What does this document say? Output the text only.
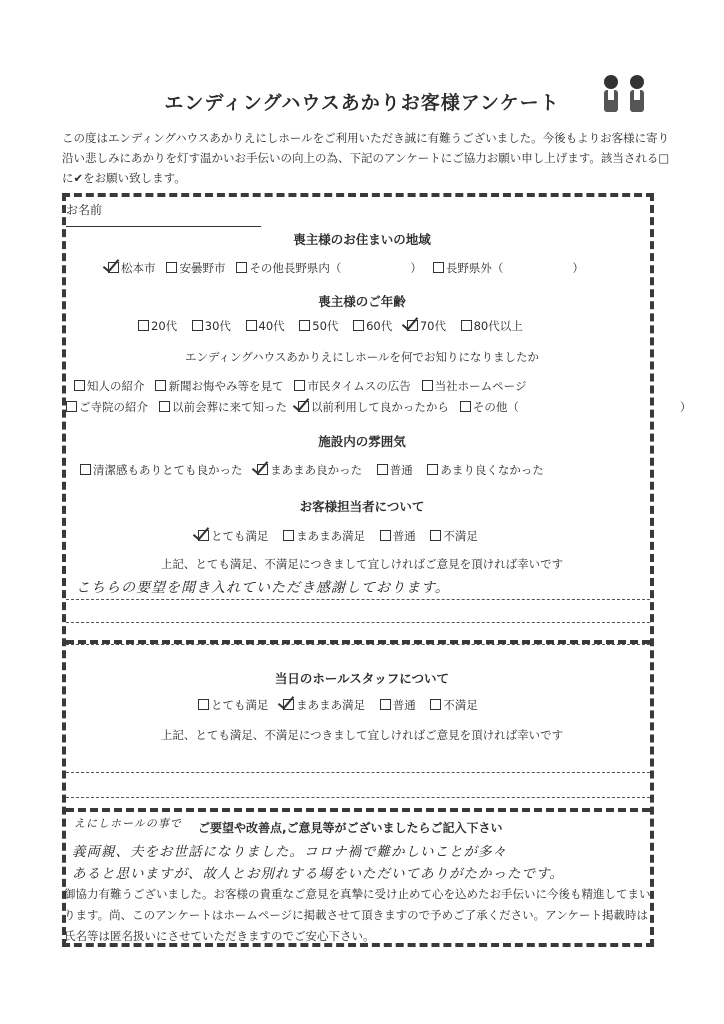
エンディングハウスあかりお客様アンケート
この度はエンディングハウスあかりえにしホールをご利用いただき誠に有難うございました。今後もよりお客様に寄り沿い悲しみにあかりを灯す温かいお手伝いの向上の為、下記のアンケートにご協力お願い申し上げます。該当される□に✔をお願い致します。
お名前
喪主様のお住まいの地域
松本市 安曇野市 その他長野県内（　　　　　　） 長野県外（　　　　　　）
喪主様のご年齢
20代 30代 40代 50代 60代 70代 80代以上
エンディングハウスあかりえにしホールを何でお知りになりましたか
知人の紹介 新聞お悔やみ等を見て 市民タイムスの広告 当社ホームページ
ご寺院の紹介 以前会葬に来て知った 以前利用して良かったから その他（　　　　　　　　　　　　　　）
施設内の雰囲気
清潔感もありとても良かった まあまあ良かった 普通 あまり良くなかった
お客様担当者について
とても満足 まあまあ満足 普通 不満足
上記、とても満足、不満足につきまして宜しければご意見を頂ければ幸いです
こちらの要望を聞き入れていただき感謝しております。
当日のホールスタッフについて
とても満足 まあまあ満足 普通 不満足
上記、とても満足、不満足につきまして宜しければご意見を頂ければ幸いです
えにしホールの事で ご要望や改善点,ご意見等がございましたらご記入下さい
義両親、夫をお世話になりました。コロナ禍で難かしいことが多々
あると思いますが、故人とお別れする場をいただいてありがたかったです。
御協力有難うございました。お客様の貴重なご意見を真摯に受け止めて心を込めたお手伝いに今後も精進してまいります。尚、このアンケートはホームページに掲載させて頂きますので予めご了承ください。アンケート掲載時は氏名等は匿名扱いにさせていただきますのでご安心下さい。
